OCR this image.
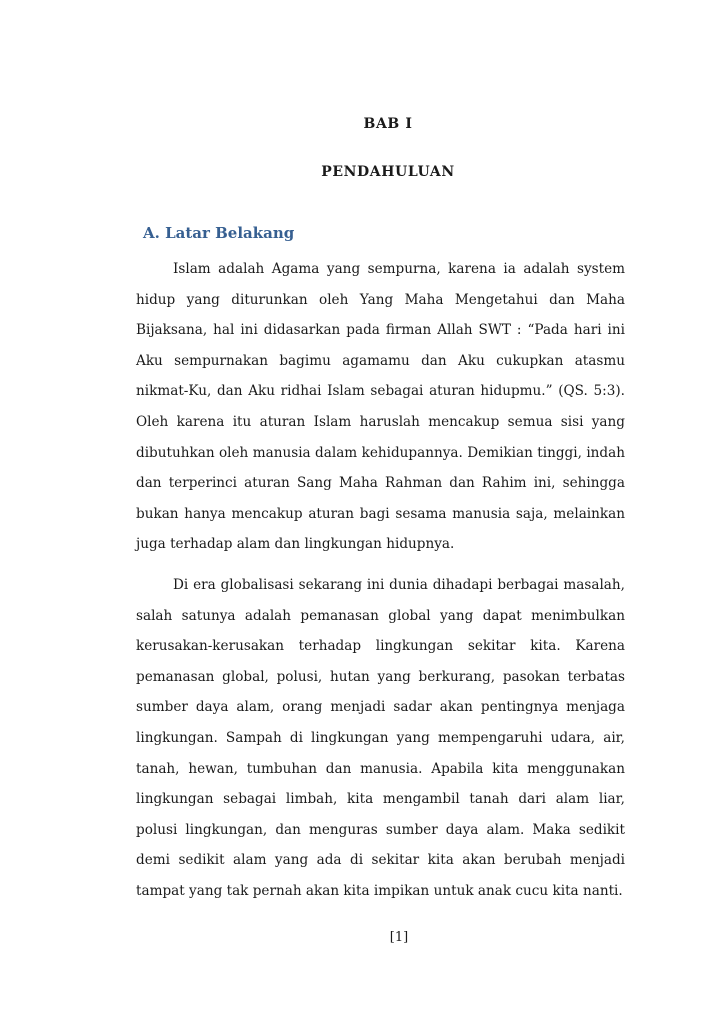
BAB I
PENDAHULUAN
A. Latar Belakang

Islam adalah Agama yang sempurna, karena ia adalah system hidup yang diturunkan oleh Yang Maha Mengetahui dan Maha Bijaksana, hal ini didasarkan pada firman Allah SWT : “Pada hari ini Aku sempurnakan bagimu agamamu dan Aku cukupkan atasmu nikmat-Ku, dan Aku ridhai Islam sebagai aturan hidupmu.” (QS. 5:3). Oleh karena itu aturan Islam haruslah mencakup semua sisi yang dibutuhkan oleh manusia dalam kehidupannya. Demikian tinggi, indah dan terperinci aturan Sang Maha Rahman dan Rahim ini, sehingga bukan hanya mencakup aturan bagi sesama manusia saja, melainkan juga terhadap alam dan lingkungan hidupnya.

Di era globalisasi sekarang ini dunia dihadapi berbagai masalah, salah satunya adalah pemanasan global yang dapat menimbulkan kerusakan-kerusakan terhadap lingkungan sekitar kita. Karena pemanasan global, polusi, hutan yang berkurang, pasokan terbatas sumber daya alam, orang menjadi sadar akan pentingnya menjaga lingkungan. Sampah di lingkungan yang mempengaruhi udara, air, tanah, hewan, tumbuhan dan manusia. Apabila kita menggunakan lingkungan sebagai limbah, kita mengambil tanah dari alam liar, polusi lingkungan, dan menguras sumber daya alam. Maka sedikit demi sedikit alam yang ada di sekitar kita akan berubah menjadi tampat yang tak pernah akan kita impikan untuk anak cucu kita nanti.

[1]
